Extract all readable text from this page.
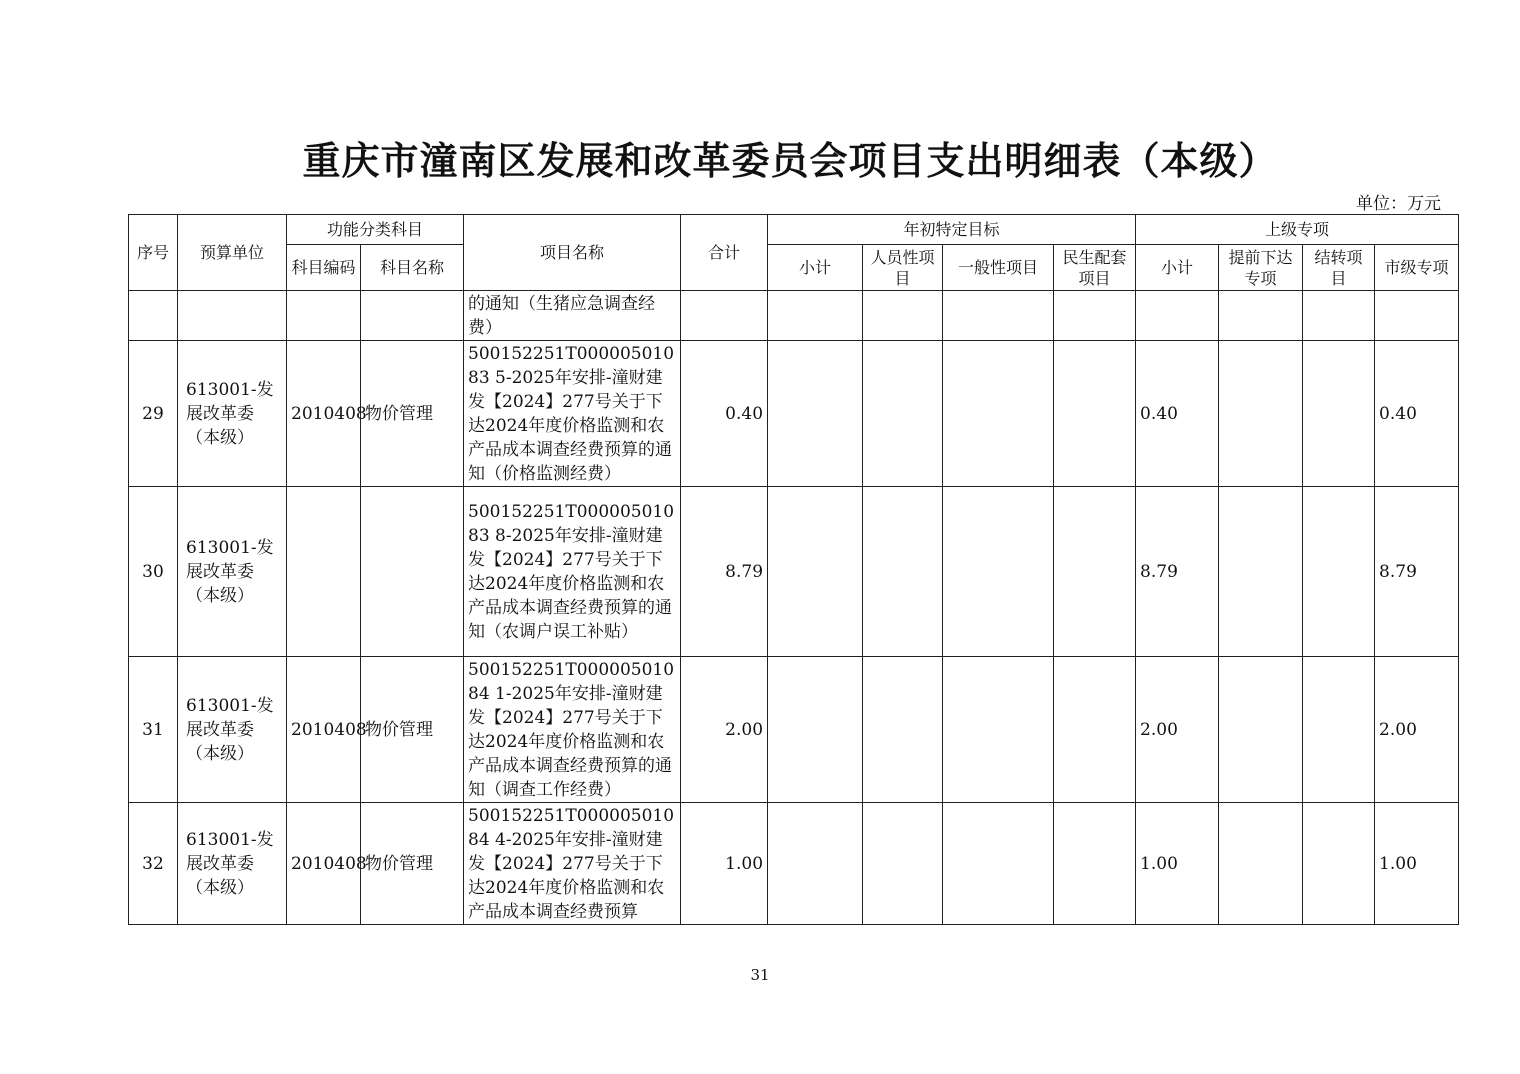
重庆市潼南区发展和改革委员会项目支出明细表（本级）
单位：万元
序号	预算单位	功能分类科目		项目名称	合计	年初特定目标				上级专项			
		科目编码	科目名称			小计	人员性项目	一般性项目	民生配套项目	小计	提前下达专项	结转项目	市级专项
				的通知（生猪应急调查经费）									
29	613001-发展改革委（本级）	2010408	物价管理	500152251T00000501083 5-2025年安排-潼财建发【2024】277号关于下达2024年度价格监测和农产品成本调查经费预算的通知（价格监测经费）	0.40					0.40			0.40
30	613001-发展改革委（本级）			500152251T00000501083 8-2025年安排-潼财建发【2024】277号关于下达2024年度价格监测和农产品成本调查经费预算的通知（农调户误工补贴）	8.79					8.79			8.79
31	613001-发展改革委（本级）	2010408	物价管理	500152251T00000501084 1-2025年安排-潼财建发【2024】277号关于下达2024年度价格监测和农产品成本调查经费预算的通知（调查工作经费）	2.00					2.00			2.00
32	613001-发展改革委（本级）	2010408	物价管理	500152251T00000501084 4-2025年安排-潼财建发【2024】277号关于下达2024年度价格监测和农产品成本调查经费预算	1.00					1.00			1.00
31
